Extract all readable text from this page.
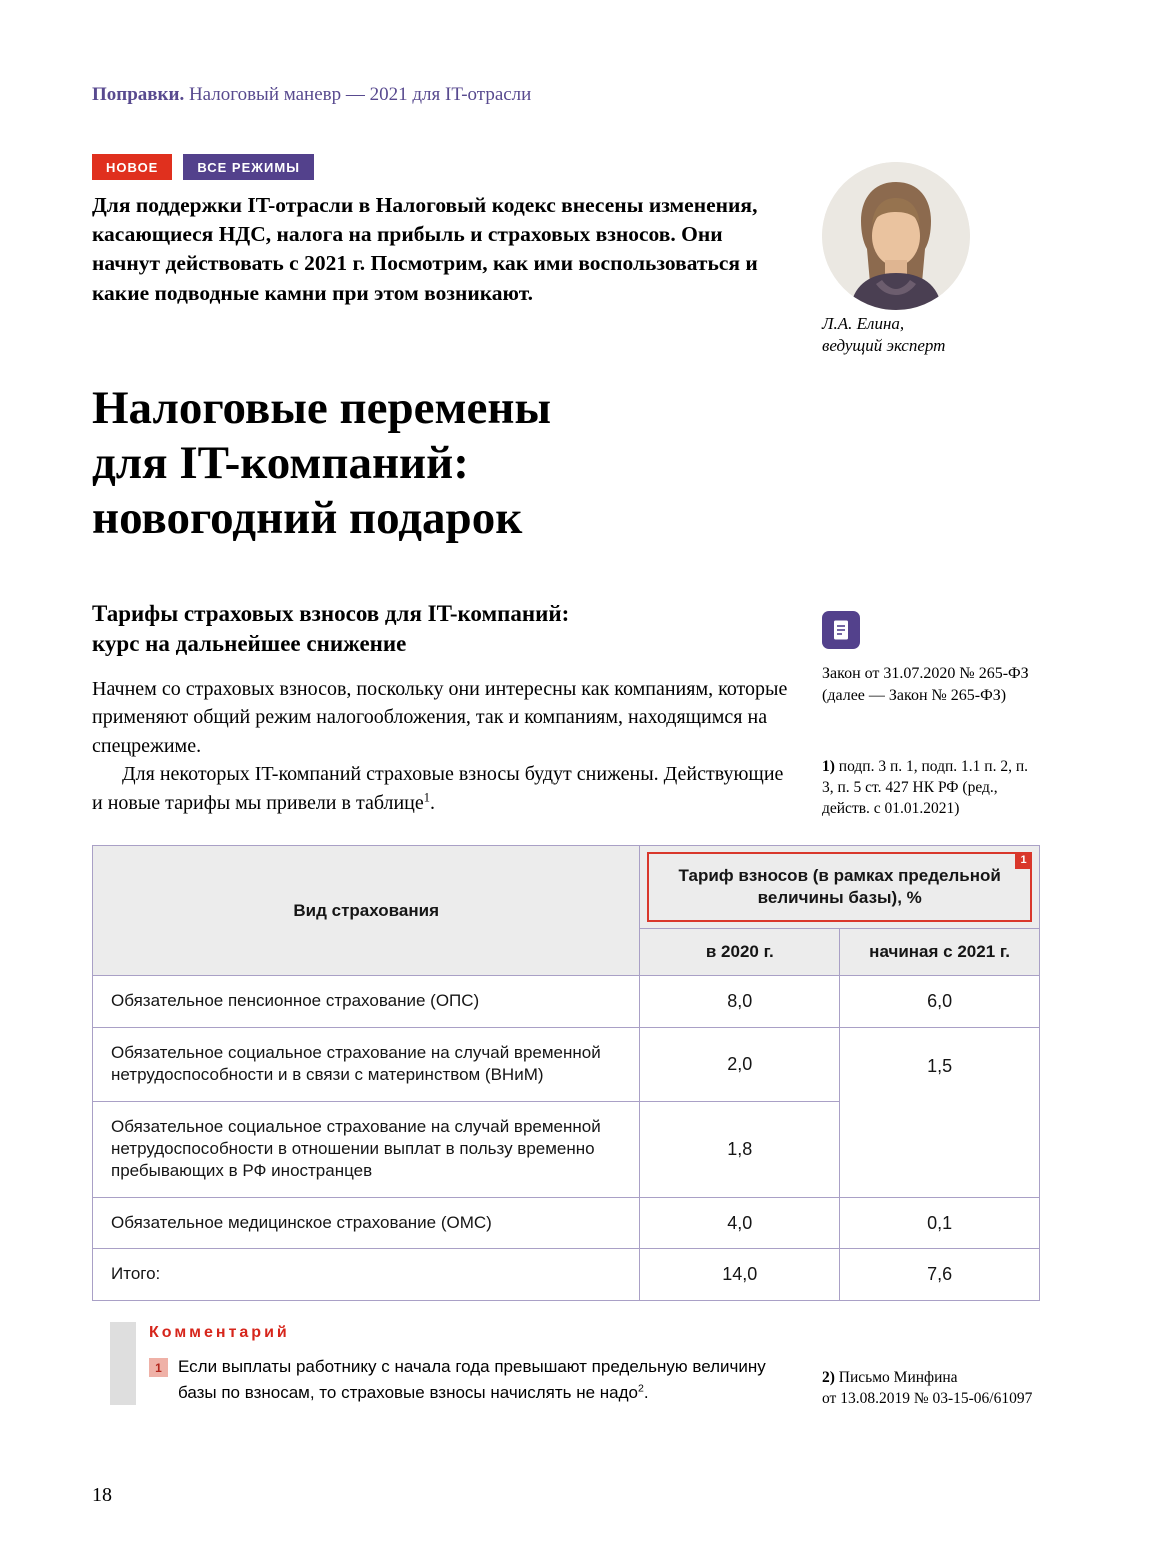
Поправки. Налоговый маневр — 2021 для IT-отрасли
НОВОЕ	ВСЕ РЕЖИМЫ
Для поддержки IT-отрасли в Налоговый кодекс внесены изменения, касающиеся НДС, налога на прибыль и страховых взносов. Они начнут действовать с 2021 г. Посмотрим, как ими воспользоваться и какие подводные камни при этом возникают.
Л.А. Елина,
ведущий эксперт
Налоговые перемены
для IT-компаний:
новогодний подарок
Тарифы страховых взносов для IT-компаний:
курс на дальнейшее снижение

Начнем со страховых взносов, поскольку они интересны как компаниям, которые применяют общий режим налогообложения, так и компаниям, находящимся на спецрежиме.

Для некоторых IT-компаний страховые взносы будут снижены. Действующие и новые тарифы мы привели в таблице$^1$.

Закон от 31.07.2020 № 265-ФЗ (далее — Закон № 265-ФЗ)
1) подп. 3 п. 1, подп. 1.1 п. 2, п. 3, п. 5 ст. 427 НК РФ (ред., действ. с 01.01.2021)
Вид страхования	Тариф взносов (в рамках предельной величины базы), %
1	

	в 2020 г.	начиная с 2021 г.
Обязательное пенсионное страхование (ОПС)	8,0	6,0
Обязательное социальное страхование на случай временной нетрудоспособности и в связи с материнством (ВНиМ)	2,0	1,5
Обязательное социальное страхование на случай временной нетрудоспособности в отношении выплат в пользу временно пребывающих в РФ иностранцев	1,8	
Обязательное медицинское страхование (ОМС)	4,0	0,1
Итого:	14,0	7,6
Комментарий
1 Если выплаты работнику с начала года превышают предельную величину базы по взносам, то страховые взносы начислять не надо$^2$.
2) Письмо Минфина
от 13.08.2019 № 03-15-06/61097
18
